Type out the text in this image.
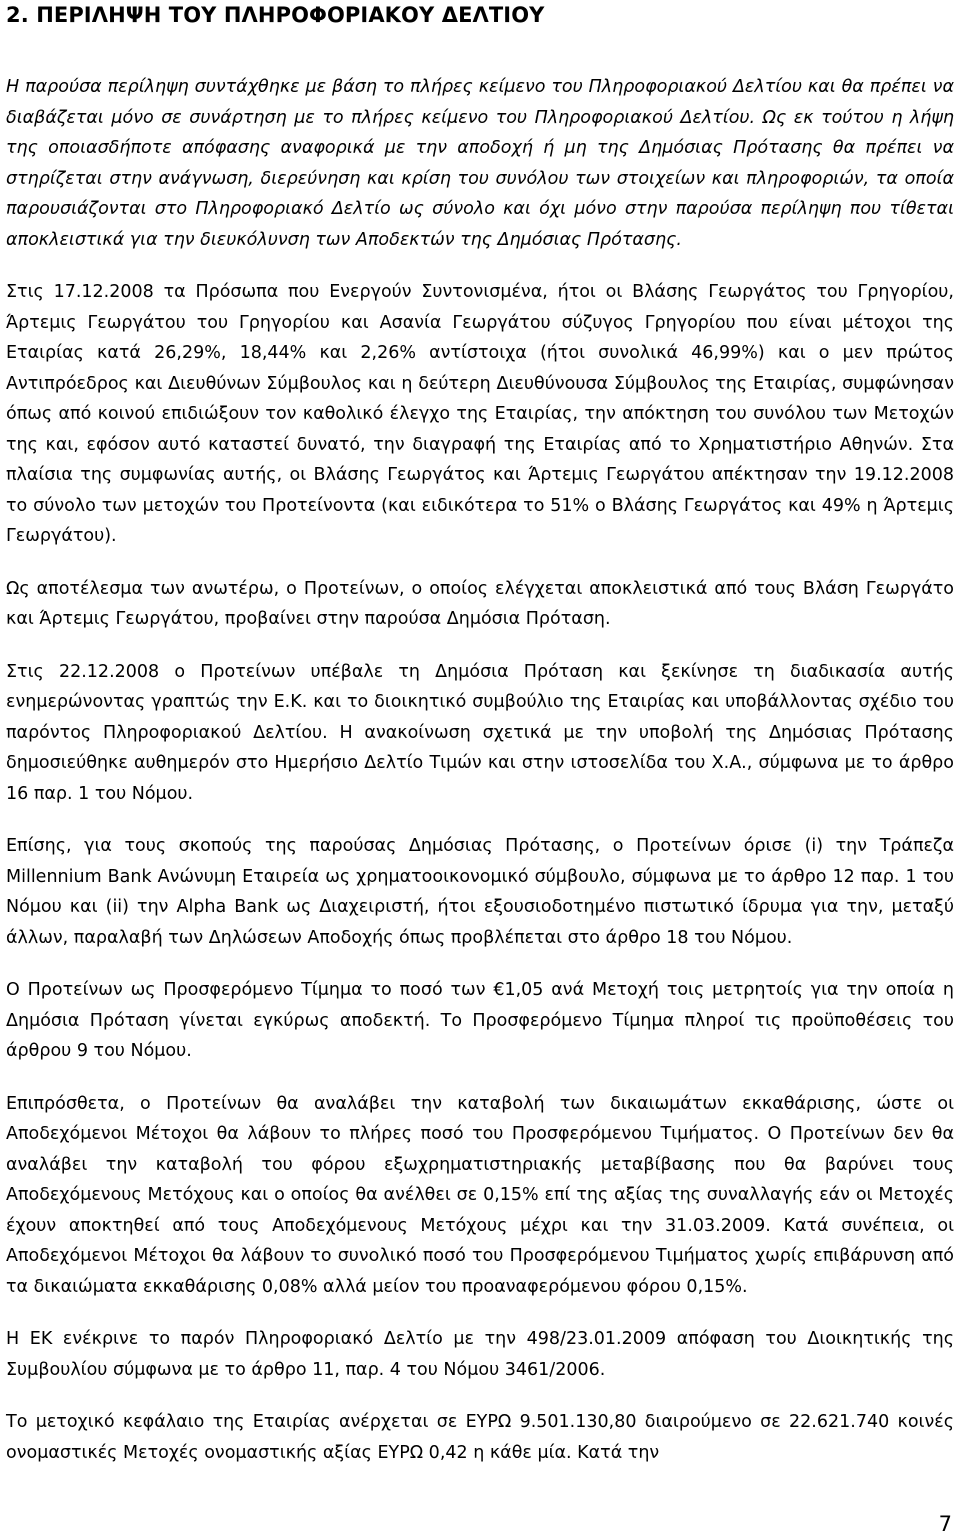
2. ΠΕΡΙΛΗΨΗ ΤΟΥ ΠΛΗΡΟΦΟΡΙΑΚΟΥ ΔΕΛΤΙΟΥ

Η παρούσα περίληψη συντάχθηκε με βάση το πλήρες κείμενο του Πληροφοριακού Δελτίου και θα πρέπει να διαβάζεται μόνο σε συνάρτηση με το πλήρες κείμενο του Πληροφοριακού Δελτίου. Ως εκ τούτου η λήψη της οποιασδήποτε απόφασης αναφορικά με την αποδοχή ή μη της Δημόσιας Πρότασης θα πρέπει να στηρίζεται στην ανάγνωση, διερεύνηση και κρίση του συνόλου των στοιχείων και πληροφοριών, τα οποία παρουσιάζονται στο Πληροφοριακό Δελτίο ως σύνολο και όχι μόνο στην παρούσα περίληψη που τίθεται αποκλειστικά για την διευκόλυνση των Αποδεκτών της Δημόσιας Πρότασης.

Στις 17.12.2008 τα Πρόσωπα που Ενεργούν Συντονισμένα, ήτοι οι Βλάσης Γεωργάτος του Γρηγορίου, Άρτεμις Γεωργάτου του Γρηγορίου και Ασανία Γεωργάτου σύζυγος Γρηγορίου που είναι μέτοχοι της Εταιρίας κατά 26,29%, 18,44% και 2,26% αντίστοιχα (ήτοι συνολικά 46,99%) και ο μεν πρώτος Αντιπρόεδρος και Διευθύνων Σύμβουλος και η δεύτερη Διευθύνουσα Σύμβουλος της Εταιρίας, συμφώνησαν όπως από κοινού επιδιώξουν τον καθολικό έλεγχο της Εταιρίας, την απόκτηση του συνόλου των Μετοχών της και, εφόσον αυτό καταστεί δυνατό, την διαγραφή της Εταιρίας από το Χρηματιστήριο Αθηνών. Στα πλαίσια της συμφωνίας αυτής, οι Βλάσης Γεωργάτος και Άρτεμις Γεωργάτου απέκτησαν την 19.12.2008 το σύνολο των μετοχών του Προτείνοντα (και ειδικότερα το 51% ο Βλάσης Γεωργάτος και 49% η Άρτεμις Γεωργάτου).

Ως αποτέλεσμα των ανωτέρω, ο Προτείνων, ο οποίος ελέγχεται αποκλειστικά από τους Βλάση Γεωργάτο και Άρτεμις Γεωργάτου, προβαίνει στην παρούσα Δημόσια Πρόταση.

Στις 22.12.2008 ο Προτείνων υπέβαλε τη Δημόσια Πρόταση και ξεκίνησε τη διαδικασία αυτής ενημερώνοντας γραπτώς την Ε.Κ. και το διοικητικό συμβούλιο της Εταιρίας και υποβάλλοντας σχέδιο του παρόντος Πληροφοριακού Δελτίου. Η ανακοίνωση σχετικά με την υποβολή της Δημόσιας Πρότασης δημοσιεύθηκε αυθημερόν στο Ημερήσιο Δελτίο Τιμών και στην ιστοσελίδα του Χ.Α., σύμφωνα με το άρθρο 16 παρ. 1 του Νόμου.

Επίσης, για τους σκοπούς της παρούσας Δημόσιας Πρότασης, ο Προτείνων όρισε (i) την Τράπεζα Millennium Bank Ανώνυμη Εταιρεία ως χρηματοοικονομικό σύμβουλο, σύμφωνα με το άρθρο 12 παρ. 1 του Νόμου και (ii) την Alpha Bank ως Διαχειριστή, ήτοι εξουσιοδοτημένο πιστωτικό ίδρυμα για την, μεταξύ άλλων, παραλαβή των Δηλώσεων Αποδοχής όπως προβλέπεται στο άρθρο 18 του Νόμου.

Ο Προτείνων ως Προσφερόμενο Τίμημα το ποσό των €1,05 ανά Μετοχή τοις μετρητοίς για την οποία η Δημόσια Πρόταση γίνεται εγκύρως αποδεκτή. Το Προσφερόμενο Τίμημα πληροί τις προϋποθέσεις του άρθρου 9 του Νόμου.

Επιπρόσθετα, ο Προτείνων θα αναλάβει την καταβολή των δικαιωμάτων εκκαθάρισης, ώστε οι Αποδεχόμενοι Μέτοχοι θα λάβουν το πλήρες ποσό του Προσφερόμενου Τιμήματος. Ο Προτείνων δεν θα αναλάβει την καταβολή του φόρου εξωχρηματιστηριακής μεταβίβασης που θα βαρύνει τους Αποδεχόμενους Μετόχους και ο οποίος θα ανέλθει σε 0,15% επί της αξίας της συναλλαγής εάν οι Μετοχές έχουν αποκτηθεί από τους Αποδεχόμενους Μετόχους μέχρι και την 31.03.2009. Κατά συνέπεια, οι Αποδεχόμενοι Μέτοχοι θα λάβουν το συνολικό ποσό του Προσφερόμενου Τιμήματος χωρίς επιβάρυνση από τα δικαιώματα εκκαθάρισης 0,08% αλλά μείον του προαναφερόμενου φόρου 0,15%.

Η ΕΚ ενέκρινε το παρόν Πληροφοριακό Δελτίο με την 498/23.01.2009 απόφαση του Διοικητικής της Συμβουλίου σύμφωνα με το άρθρο 11, παρ. 4 του Νόμου 3461/2006.

Το μετοχικό κεφάλαιο της Εταιρίας ανέρχεται σε ΕΥΡΩ 9.501.130,80 διαιρούμενο σε 22.621.740 κοινές ονομαστικές Μετοχές ονομαστικής αξίας ΕΥΡΩ 0,42 η κάθε μία. Κατά την

7
